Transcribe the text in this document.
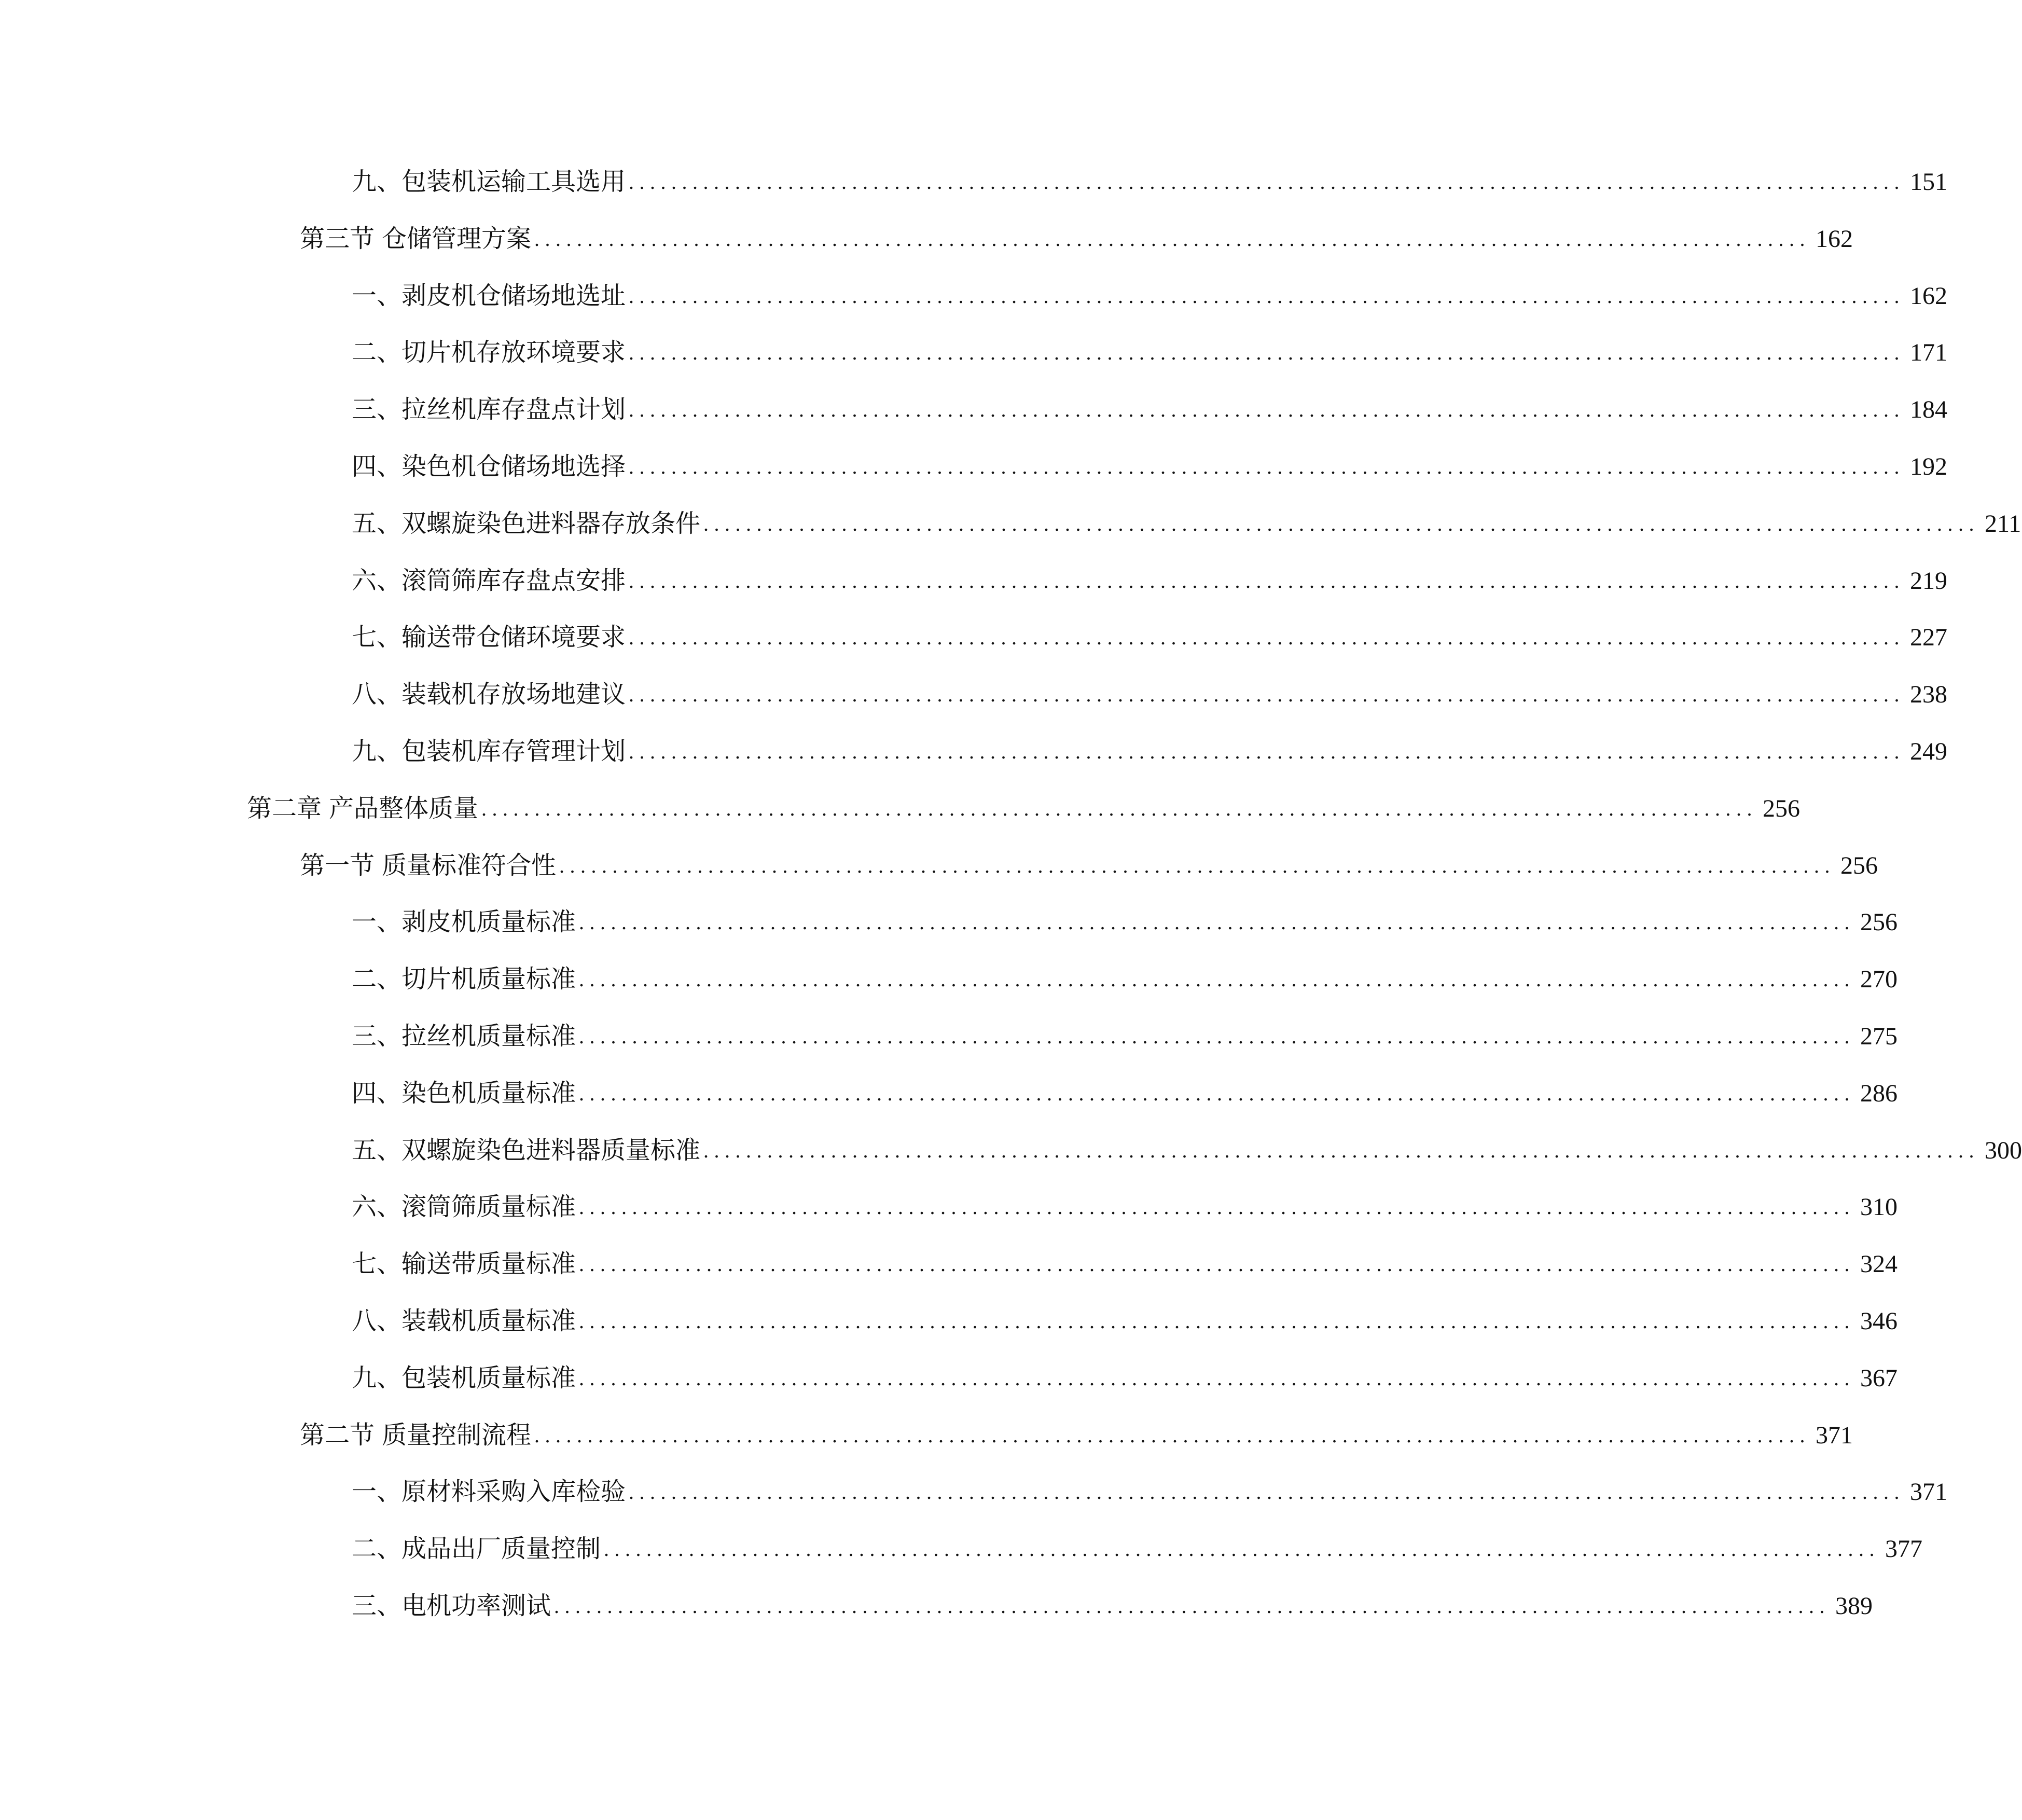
九、 包装机运输工具选用 ........................................................................................................................ 151
第三节 仓储管理方案 ........................................................................................................................ 162
一、 剥皮机仓储场地选址 ........................................................................................................................ 162
二、 切片机存放环境要求 ........................................................................................................................ 171
三、 拉丝机库存盘点计划 ........................................................................................................................ 184
四、 染色机仓储场地选择 ........................................................................................................................ 192
五、 双螺旋染色进料器存放条件 ........................................................................................................................ 211
六、 滚筒筛库存盘点安排 ........................................................................................................................ 219
七、 输送带仓储环境要求 ........................................................................................................................ 227
八、 装载机存放场地建议 ........................................................................................................................ 238
九、 包装机库存管理计划 ........................................................................................................................ 249
第二章 产品整体质量 ........................................................................................................................ 256
第一节 质量标准符合性 ........................................................................................................................ 256
一、 剥皮机质量标准 ........................................................................................................................ 256
二、 切片机质量标准 ........................................................................................................................ 270
三、 拉丝机质量标准 ........................................................................................................................ 275
四、 染色机质量标准 ........................................................................................................................ 286
五、 双螺旋染色进料器质量标准 ........................................................................................................................ 300
六、 滚筒筛质量标准 ........................................................................................................................ 310
七、 输送带质量标准 ........................................................................................................................ 324
八、 装载机质量标准 ........................................................................................................................ 346
九、 包装机质量标准 ........................................................................................................................ 367
第二节 质量控制流程 ........................................................................................................................ 371
一、 原材料采购入库检验 ........................................................................................................................ 371
二、 成品出厂质量控制 ........................................................................................................................ 377
三、 电机功率测试 ........................................................................................................................ 389
